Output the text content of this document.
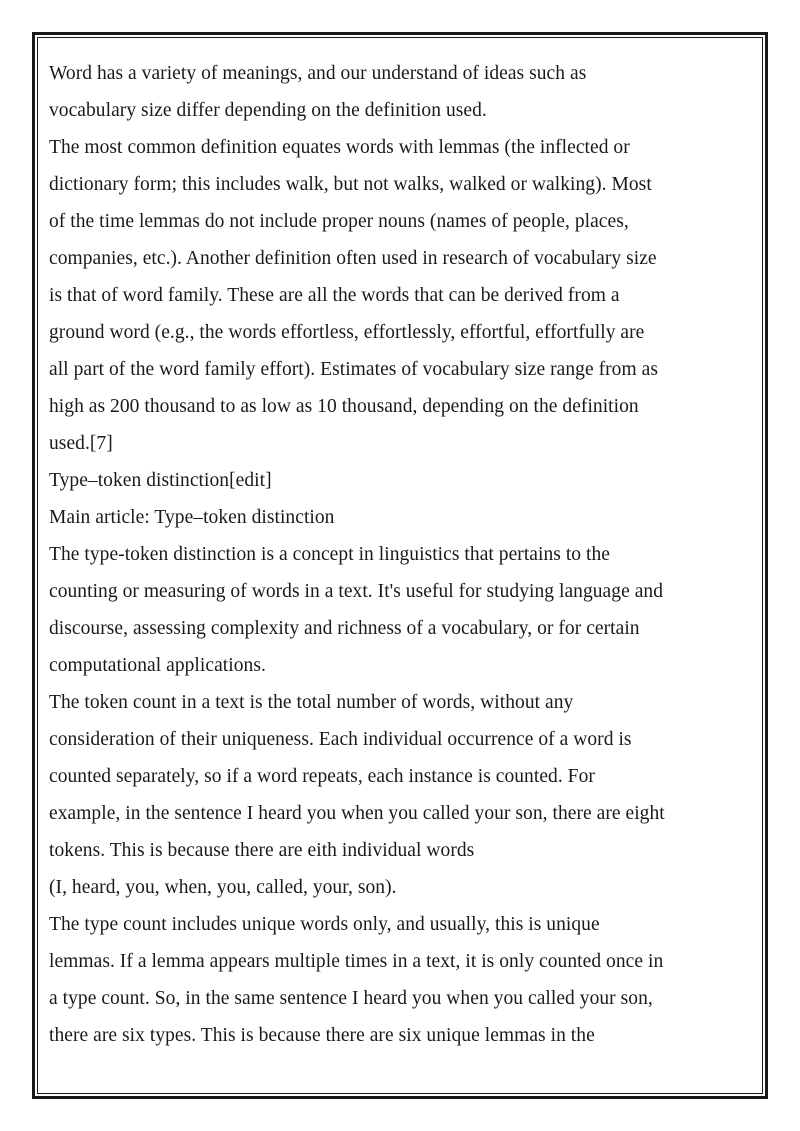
Word has a variety of meanings, and our understand of ideas such as
vocabulary size differ depending on the definition used.
The most common definition equates words with lemmas (the inflected or
dictionary form; this includes walk, but not walks, walked or walking). Most
of the time lemmas do not include proper nouns (names of people, places,
companies, etc.). Another definition often used in research of vocabulary size
is that of word family. These are all the words that can be derived from a
ground word (e.g., the words effortless, effortlessly, effortful, effortfully are
all part of the word family effort). Estimates of vocabulary size range from as
high as 200 thousand to as low as 10 thousand, depending on the definition
used.[7]
Type–token distinction[edit]
Main article: Type–token distinction
The type-token distinction is a concept in linguistics that pertains to the
counting or measuring of words in a text. It's useful for studying language and
discourse, assessing complexity and richness of a vocabulary, or for certain
computational applications.
The token count in a text is the total number of words, without any
consideration of their uniqueness. Each individual occurrence of a word is
counted separately, so if a word repeats, each instance is counted. For
example, in the sentence I heard you when you called your son, there are eight
tokens. This is because there are eith individual words
(I, heard, you, when, you, called, your, son).
The type count includes unique words only, and usually, this is unique
lemmas. If a lemma appears multiple times in a text, it is only counted once in
a type count. So, in the same sentence I heard you when you called your son,
there are six types. This is because there are six unique lemmas in the
